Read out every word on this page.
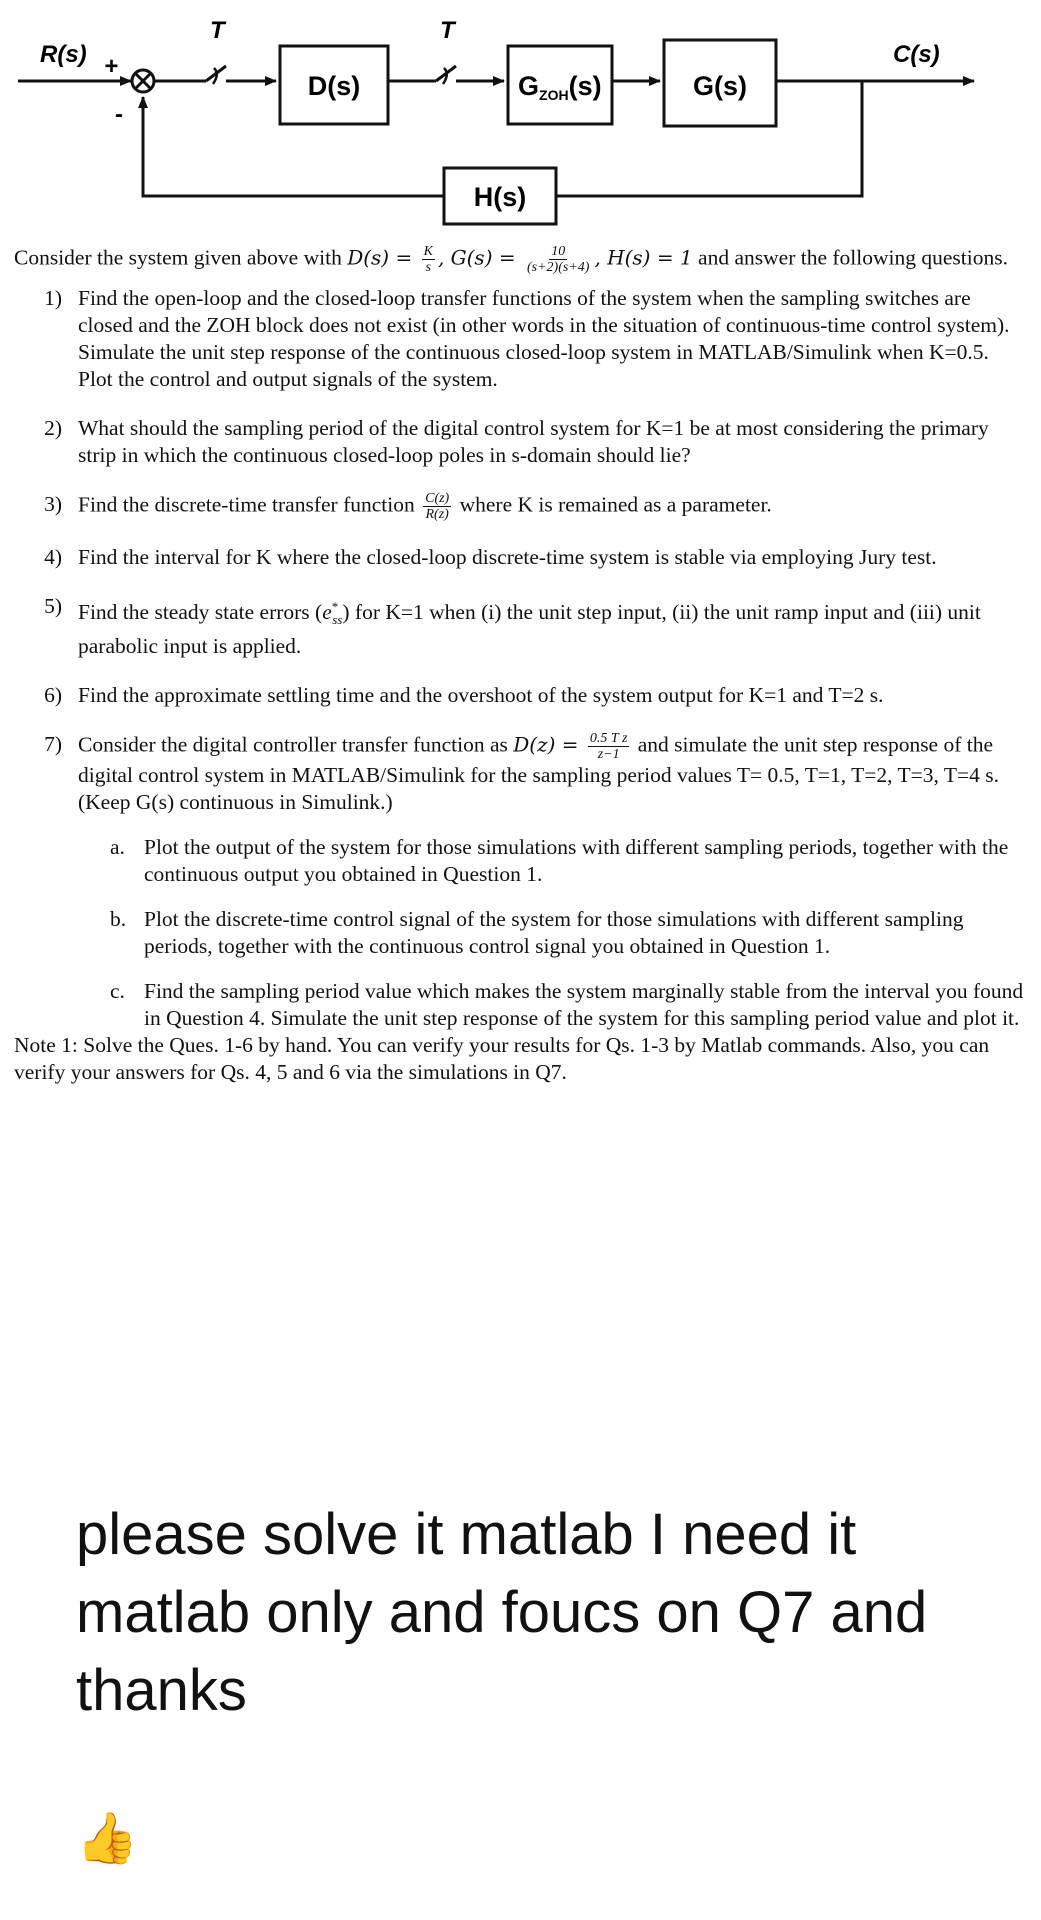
R(s)	C(s)
+
-
T
D(s)
T
GZOH(s)	G(s)
H(s)

Consider the system given above with $D(s) = \frac{K}{s}$ , $G(s) = \frac{10}{(s+2)(s+4)}$ , H(s) = 1 and answer the following questions.

1) Find the open-loop and the closed-loop transfer functions of the system when the sampling switches are closed and the ZOH block does not exist (in other words in the situation of continuous-time control system). Simulate the unit step response of the continuous closed-loop system in MATLAB/Simulink when K=0.5. Plot the control and output signals of the system.
2) What should the sampling period of the digital control system for K=1 be at most considering the primary strip in which the continuous closed-loop poles in s-domain should lie?
3) Find the discrete-time transfer function $\frac{C(z)}{R(z)}$ where K is remained as a parameter.
4) Find the interval for K where the closed-loop discrete-time system is stable via employing Jury test.
5) Find the steady state errors $(e^*_{ss})$ for K=1 when (i) the unit step input, (ii) the unit ramp input and (iii) unit parabolic input is applied.
6) Find the approximate settling time and the overshoot of the system output for K=1 and T=2 s.
7) Consider the digital controller transfer function as $D(z) = \frac{\text{0.5 T z}}{z-1}$ and simulate the unit step response of the digital control system in MATLAB/Simulink for the sampling period values T= 0.5, T=1, T=2, T=3, T=4 s. (Keep G(s) continuous in Simulink.)
a. Plot the output of the system for those simulations with different sampling periods, together with the continuous output you obtained in Question 1.
b. Plot the discrete-time control signal of the system for those simulations with different sampling periods, together with the continuous control signal you obtained in Question 1.
c. Find the sampling period value which makes the system marginally stable from the interval you found in Question 4. Simulate the unit step response of the system for this sampling period value and plot it.

Note 1: Solve the Ques. 1-6 by hand. You can verify your results for Qs. 1-3 by Matlab commands. Also, you can verify your answers for Qs. 4, 5 and 6 via the simulations in Q7.

please solve it matlab I need it matlab only and foucs on Q7 and thanks
👍
